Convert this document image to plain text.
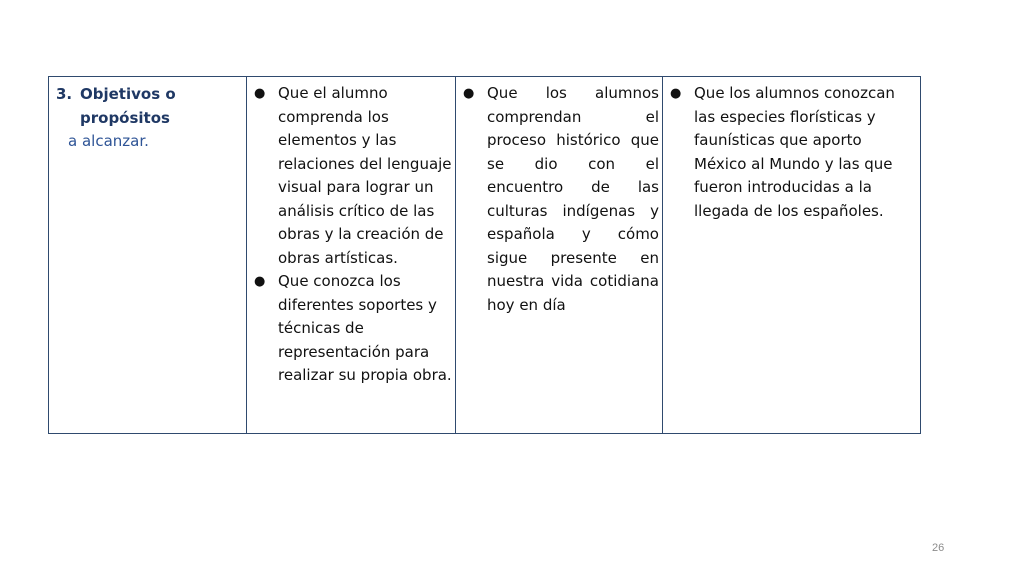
3. Objetivos o propósitos
a alcanzar.
● Que el alumno comprenda los elementos y las relaciones del lenguaje visual para lograr un análisis crítico de las obras y la creación de obras artísticas.
● Que conozca los diferentes soportes y técnicas de representación para realizar su propia obra.
● Que los alumnos comprendan el proceso histórico que se dio con el encuentro de las culturas indígenas y española y cómo sigue presente en nuestra vida cotidiana hoy en día
● Que los alumnos conozcan las especies florísticas y faunísticas que aporto México al Mundo y las que fueron introducidas a la llegada de los españoles.
26
